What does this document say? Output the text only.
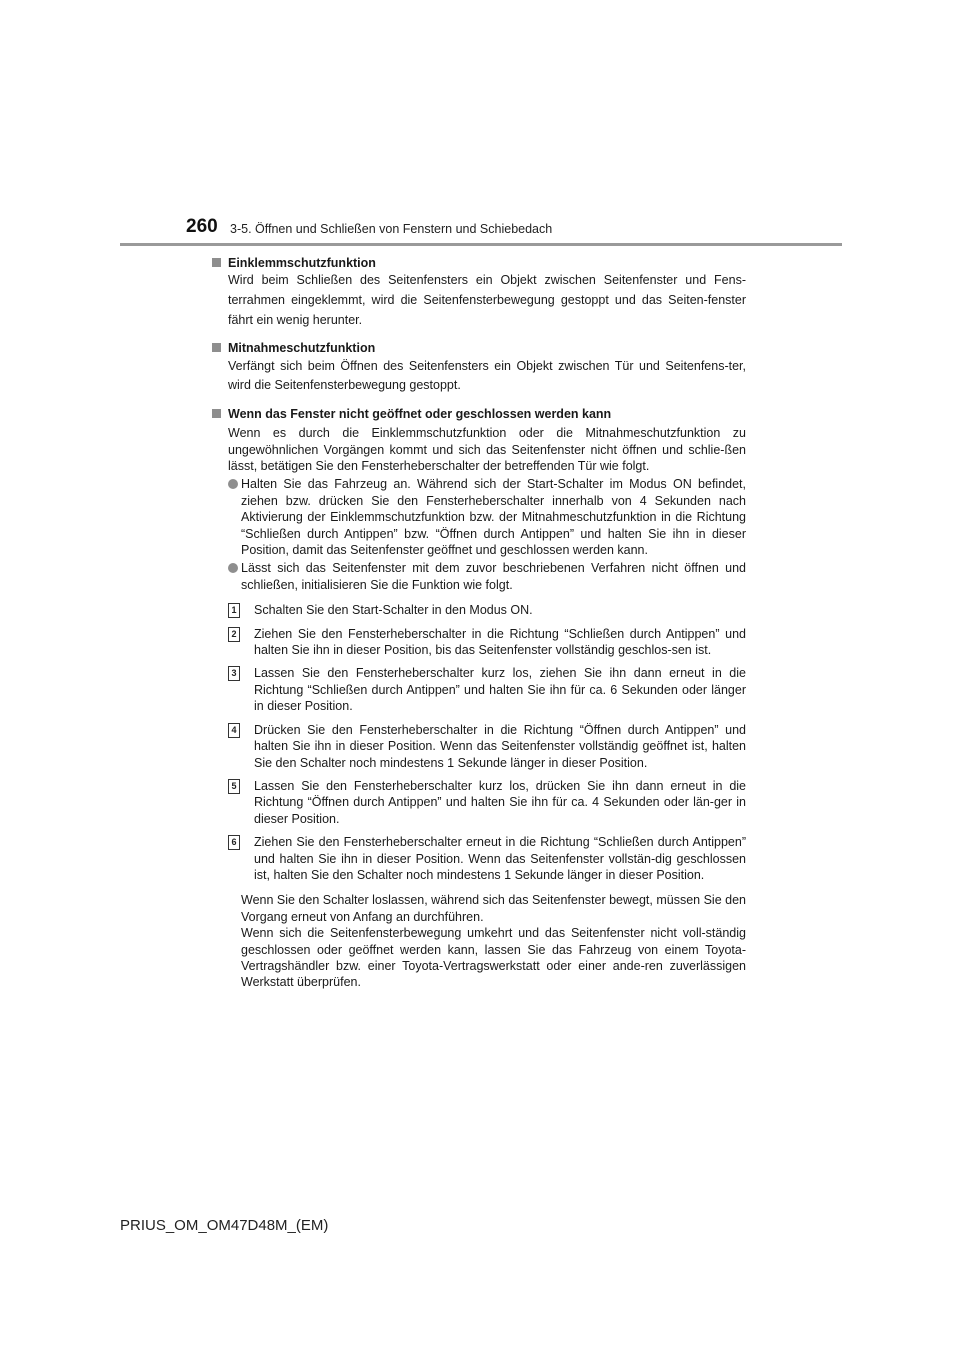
260 3-5. Öffnen und Schließen von Fenstern und Schiebedach
Einklemmschutzfunktion
Wird beim Schließen des Seitenfensters ein Objekt zwischen Seitenfenster und Fens-terrahmen eingeklemmt, wird die Seitenfensterbewegung gestoppt und das Seiten-fenster fährt ein wenig herunter.
Mitnahmeschutzfunktion
Verfängt sich beim Öffnen des Seitenfensters ein Objekt zwischen Tür und Seitenfens-ter, wird die Seitenfensterbewegung gestoppt.
Wenn das Fenster nicht geöffnet oder geschlossen werden kann
Wenn es durch die Einklemmschutzfunktion oder die Mitnahmeschutzfunktion zu ungewöhnlichen Vorgängen kommt und sich das Seitenfenster nicht öffnen und schlie-ßen lässt, betätigen Sie den Fensterheberschalter der betreffenden Tür wie folgt.
Halten Sie das Fahrzeug an. Während sich der Start-Schalter im Modus ON befindet, ziehen bzw. drücken Sie den Fensterheberschalter innerhalb von 4 Sekunden nach Aktivierung der Einklemmschutzfunktion bzw. der Mitnahmeschutzfunktion in die Richtung “Schließen durch Antippen” bzw. “Öffnen durch Antippen” und halten Sie ihn in dieser Position, damit das Seitenfenster geöffnet und geschlossen werden kann.
Lässt sich das Seitenfenster mit dem zuvor beschriebenen Verfahren nicht öffnen und schließen, initialisieren Sie die Funktion wie folgt.
1 Schalten Sie den Start-Schalter in den Modus ON.
2 Ziehen Sie den Fensterheberschalter in die Richtung “Schließen durch Antippen” und halten Sie ihn in dieser Position, bis das Seitenfenster vollständig geschlos-sen ist.
3 Lassen Sie den Fensterheberschalter kurz los, ziehen Sie ihn dann erneut in die Richtung “Schließen durch Antippen” und halten Sie ihn für ca. 6 Sekunden oder länger in dieser Position.
4 Drücken Sie den Fensterheberschalter in die Richtung “Öffnen durch Antippen” und halten Sie ihn in dieser Position. Wenn das Seitenfenster vollständig geöffnet ist, halten Sie den Schalter noch mindestens 1 Sekunde länger in dieser Position.
5 Lassen Sie den Fensterheberschalter kurz los, drücken Sie ihn dann erneut in die Richtung “Öffnen durch Antippen” und halten Sie ihn für ca. 4 Sekunden oder län-ger in dieser Position.
6 Ziehen Sie den Fensterheberschalter erneut in die Richtung “Schließen durch Antippen” und halten Sie ihn in dieser Position. Wenn das Seitenfenster vollstän-dig geschlossen ist, halten Sie den Schalter noch mindestens 1 Sekunde länger in dieser Position.
Wenn Sie den Schalter loslassen, während sich das Seitenfenster bewegt, müssen Sie den Vorgang erneut von Anfang an durchführen.
Wenn sich die Seitenfensterbewegung umkehrt und das Seitenfenster nicht voll-ständig geschlossen oder geöffnet werden kann, lassen Sie das Fahrzeug von einem Toyota-Vertragshändler bzw. einer Toyota-Vertragswerkstatt oder einer ande-ren zuverlässigen Werkstatt überprüfen.
PRIUS_OM_OM47D48M_(EM)
